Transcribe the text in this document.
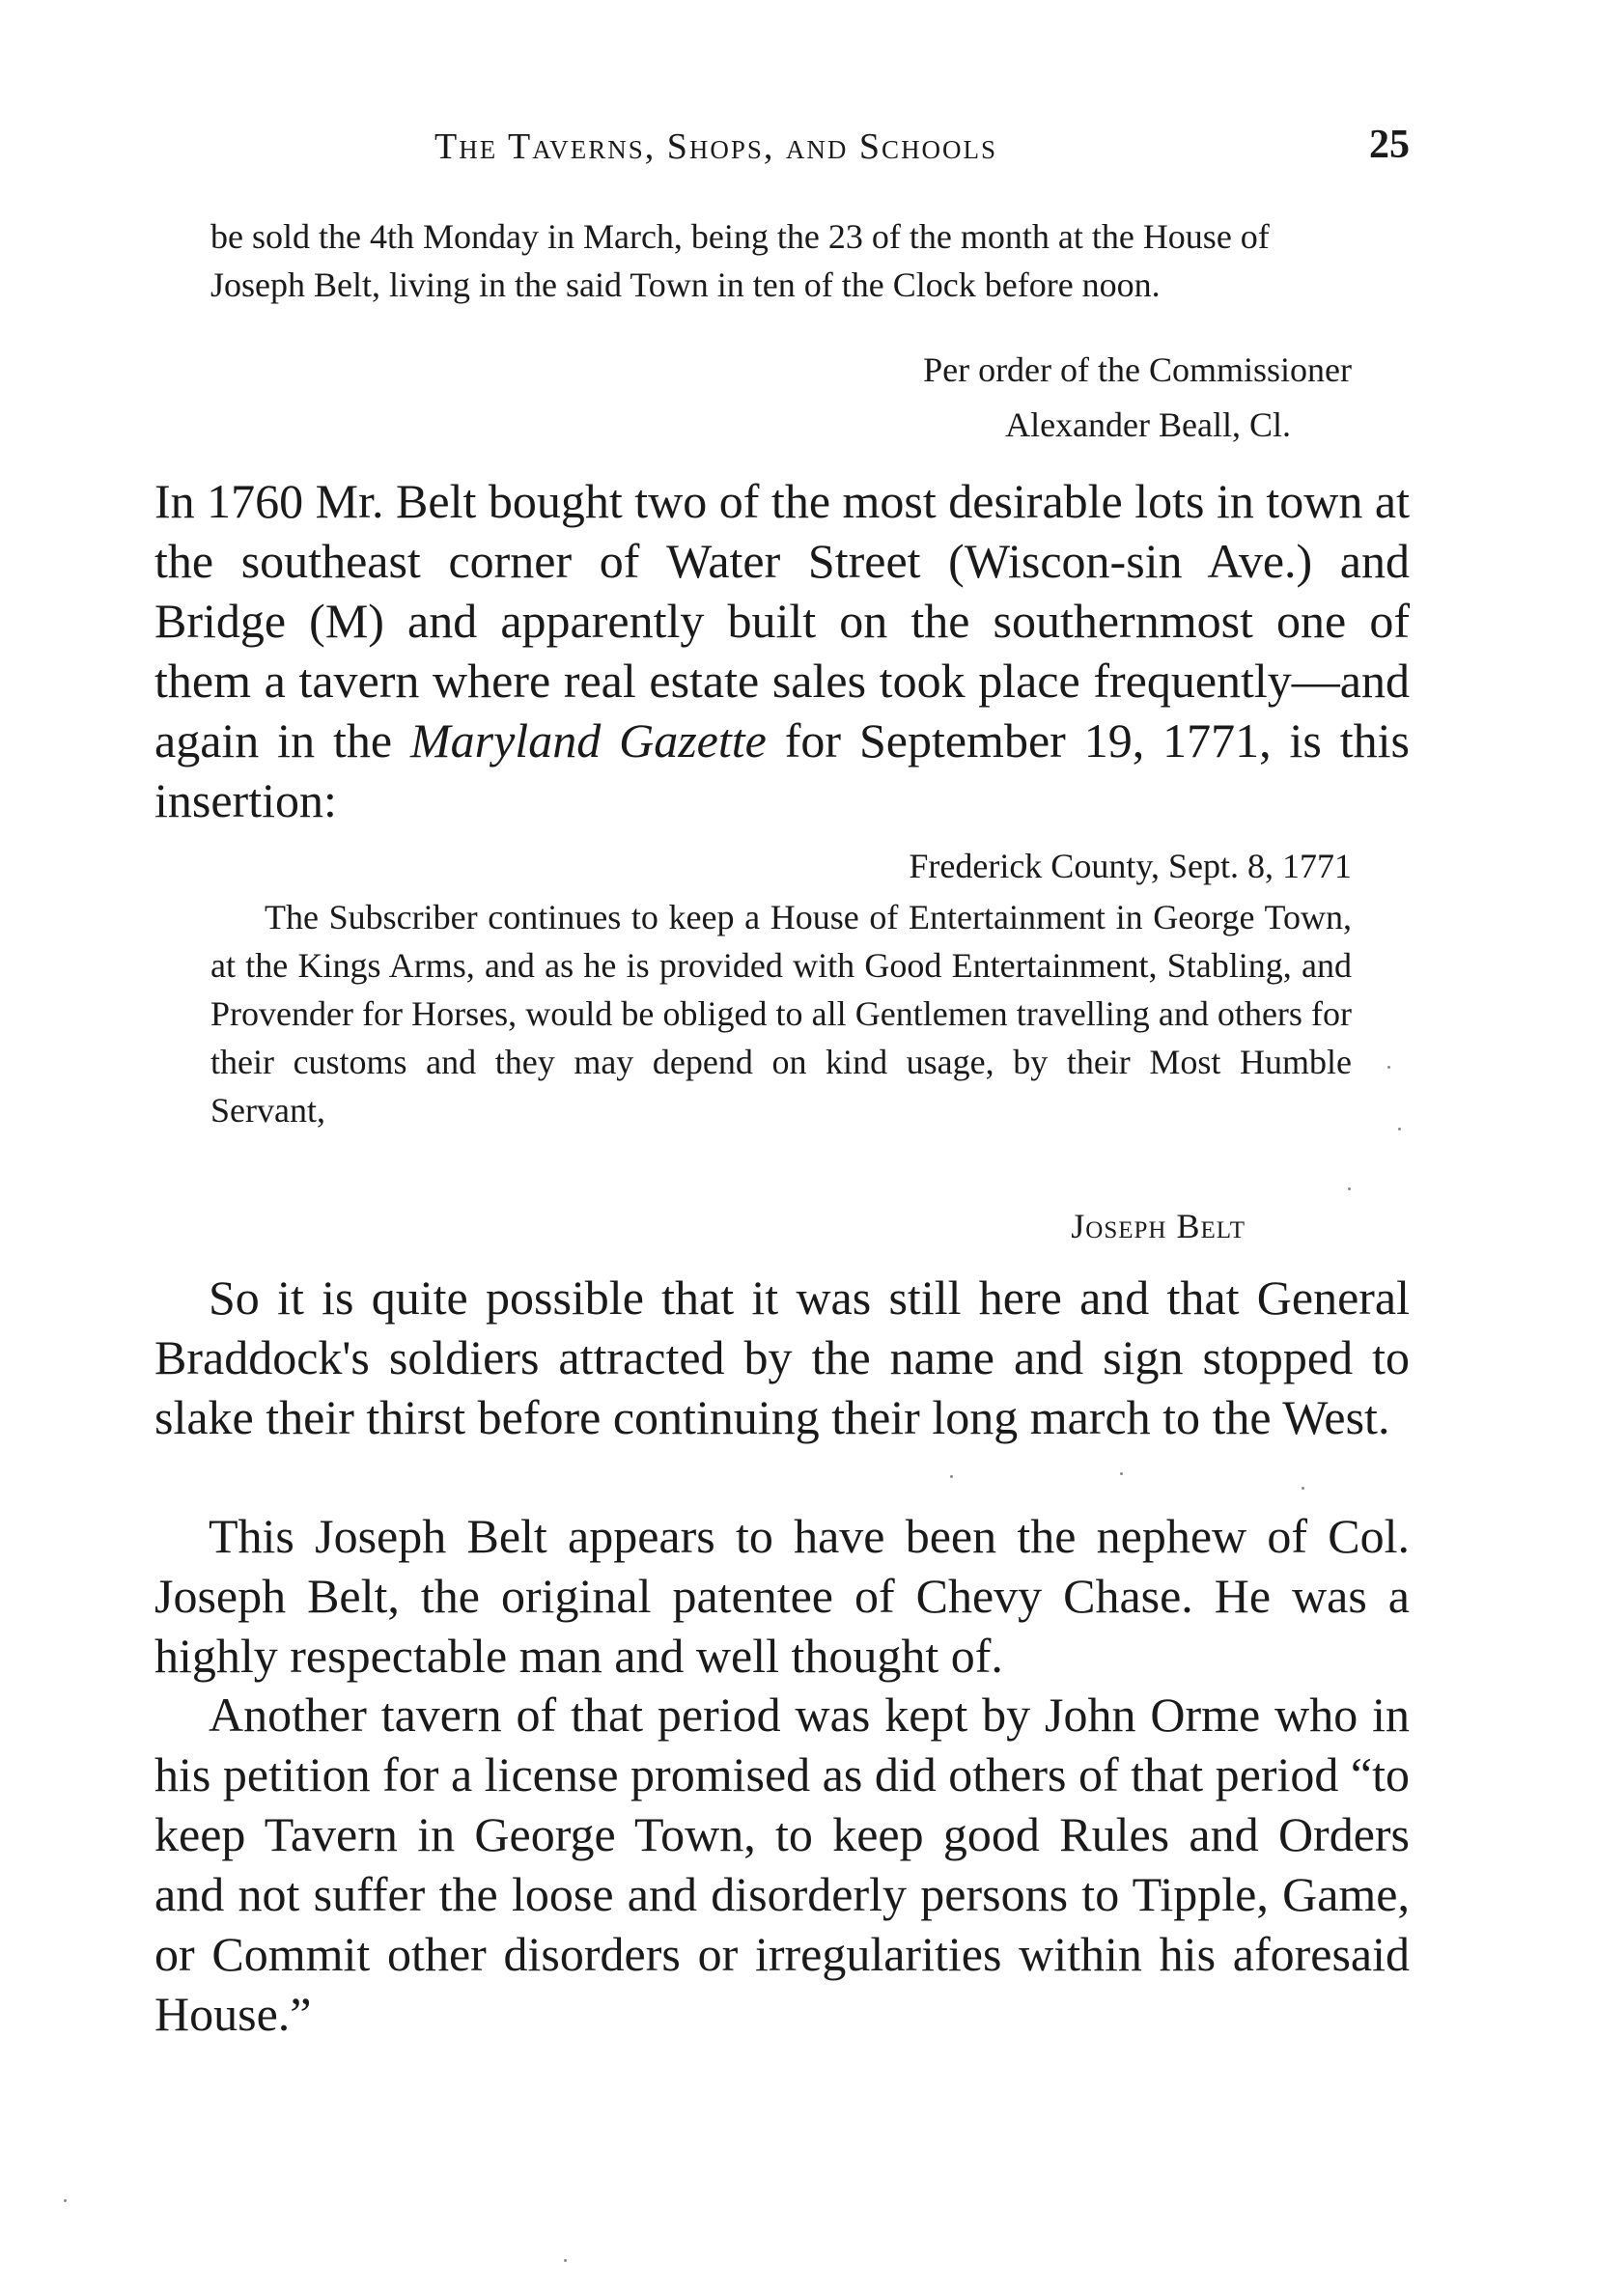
The Taverns, Shops, and Schools	25
be sold the 4th Monday in March, being the 23 of the month at the House of Joseph Belt, living in the said Town in ten of the Clock before noon.
Per order of the Commissioner
Alexander Beall, Cl.
In 1760 Mr. Belt bought two of the most desirable lots in town at the southeast corner of Water Street (Wiscon-sin Ave.) and Bridge (M) and apparently built on the southernmost one of them a tavern where real estate sales took place frequently—and again in the Maryland Gazette for September 19, 1771, is this insertion:
Frederick County, Sept. 8, 1771
The Subscriber continues to keep a House of Entertainment in George Town, at the Kings Arms, and as he is provided with Good Entertainment, Stabling, and Provender for Horses, would be obliged to all Gentlemen travelling and others for their customs and they may depend on kind usage, by their Most Humble Servant,
Joseph Belt
So it is quite possible that it was still here and that General Braddock's soldiers attracted by the name and sign stopped to slake their thirst before continuing their long march to the West.
This Joseph Belt appears to have been the nephew of Col. Joseph Belt, the original patentee of Chevy Chase. He was a highly respectable man and well thought of.
Another tavern of that period was kept by John Orme who in his petition for a license promised as did others of that period “to keep Tavern in George Town, to keep good Rules and Orders and not suffer the loose and disorderly persons to Tipple, Game, or Commit other disorders or irregularities within his aforesaid House.”
